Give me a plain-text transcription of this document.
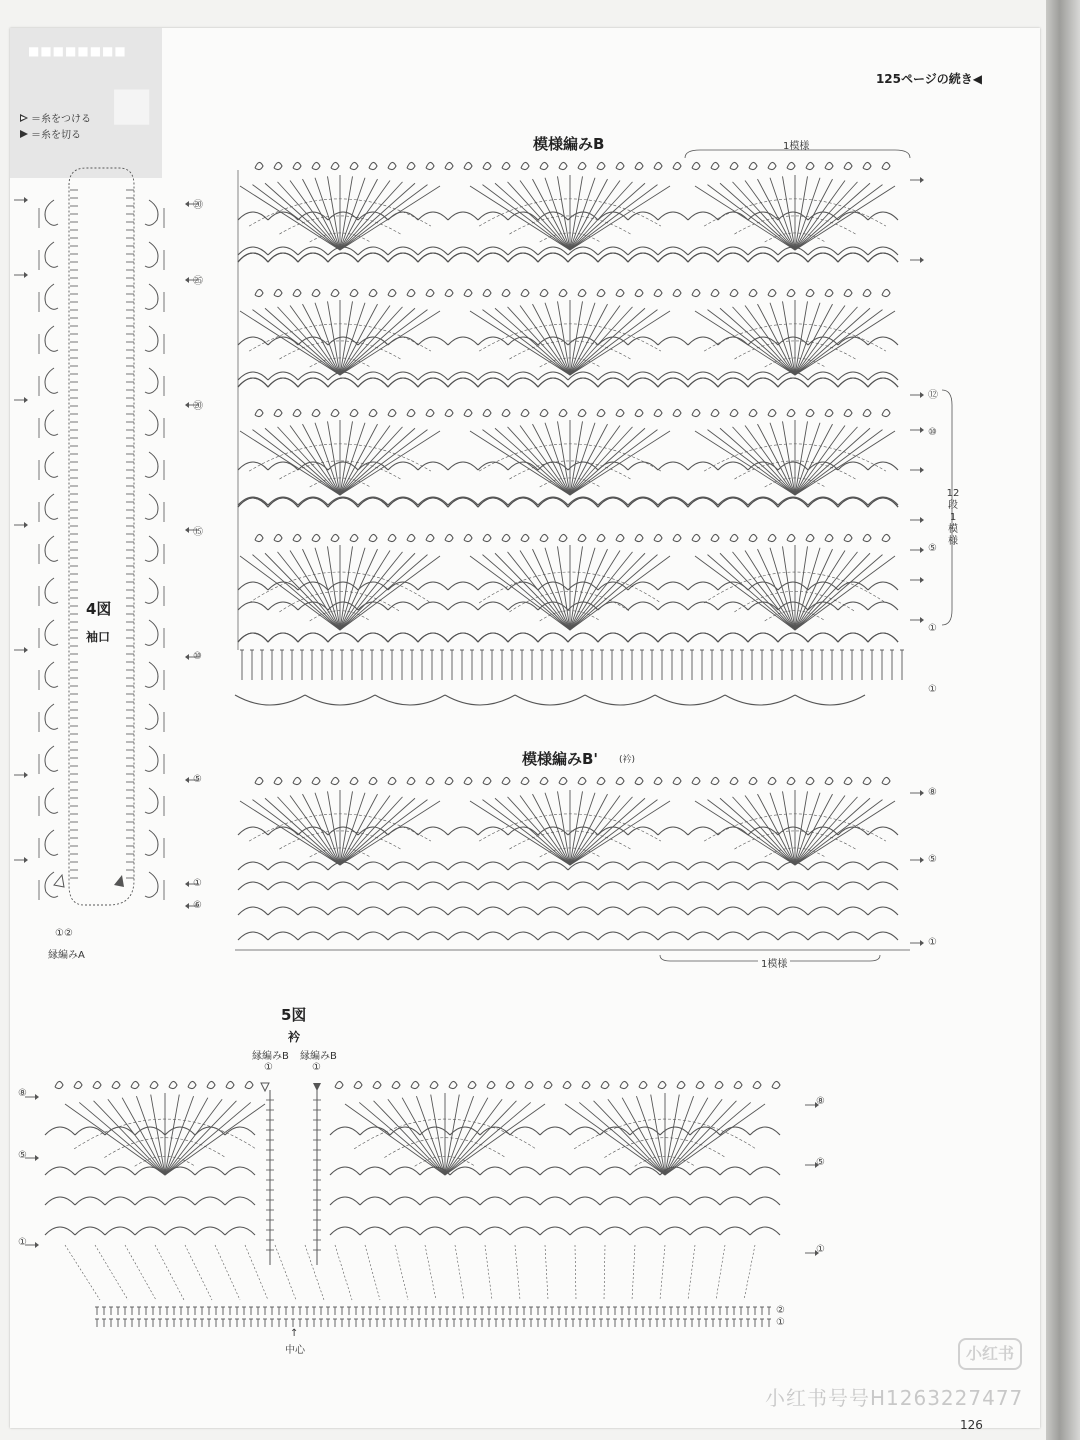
■■■■■■■■
■	125ページの続き◀
＝糸をつける
＝糸を切る	模様編みB	1模様
⑫
⑩
⑤
①
①
12段1模様
4図
袖口
①②
縁編みA
⑳
㉕
⑳
⑮
⑩
⑤
①
⑥
模様編みB' (衿)
1模様
⑧
⑤
①
5図
衿
縁編みB 縁編みB
①	①
⑧
⑤
①
⑧
⑤
①
②
①
↑
中心	小红书
小红书号号H1263227477
126
